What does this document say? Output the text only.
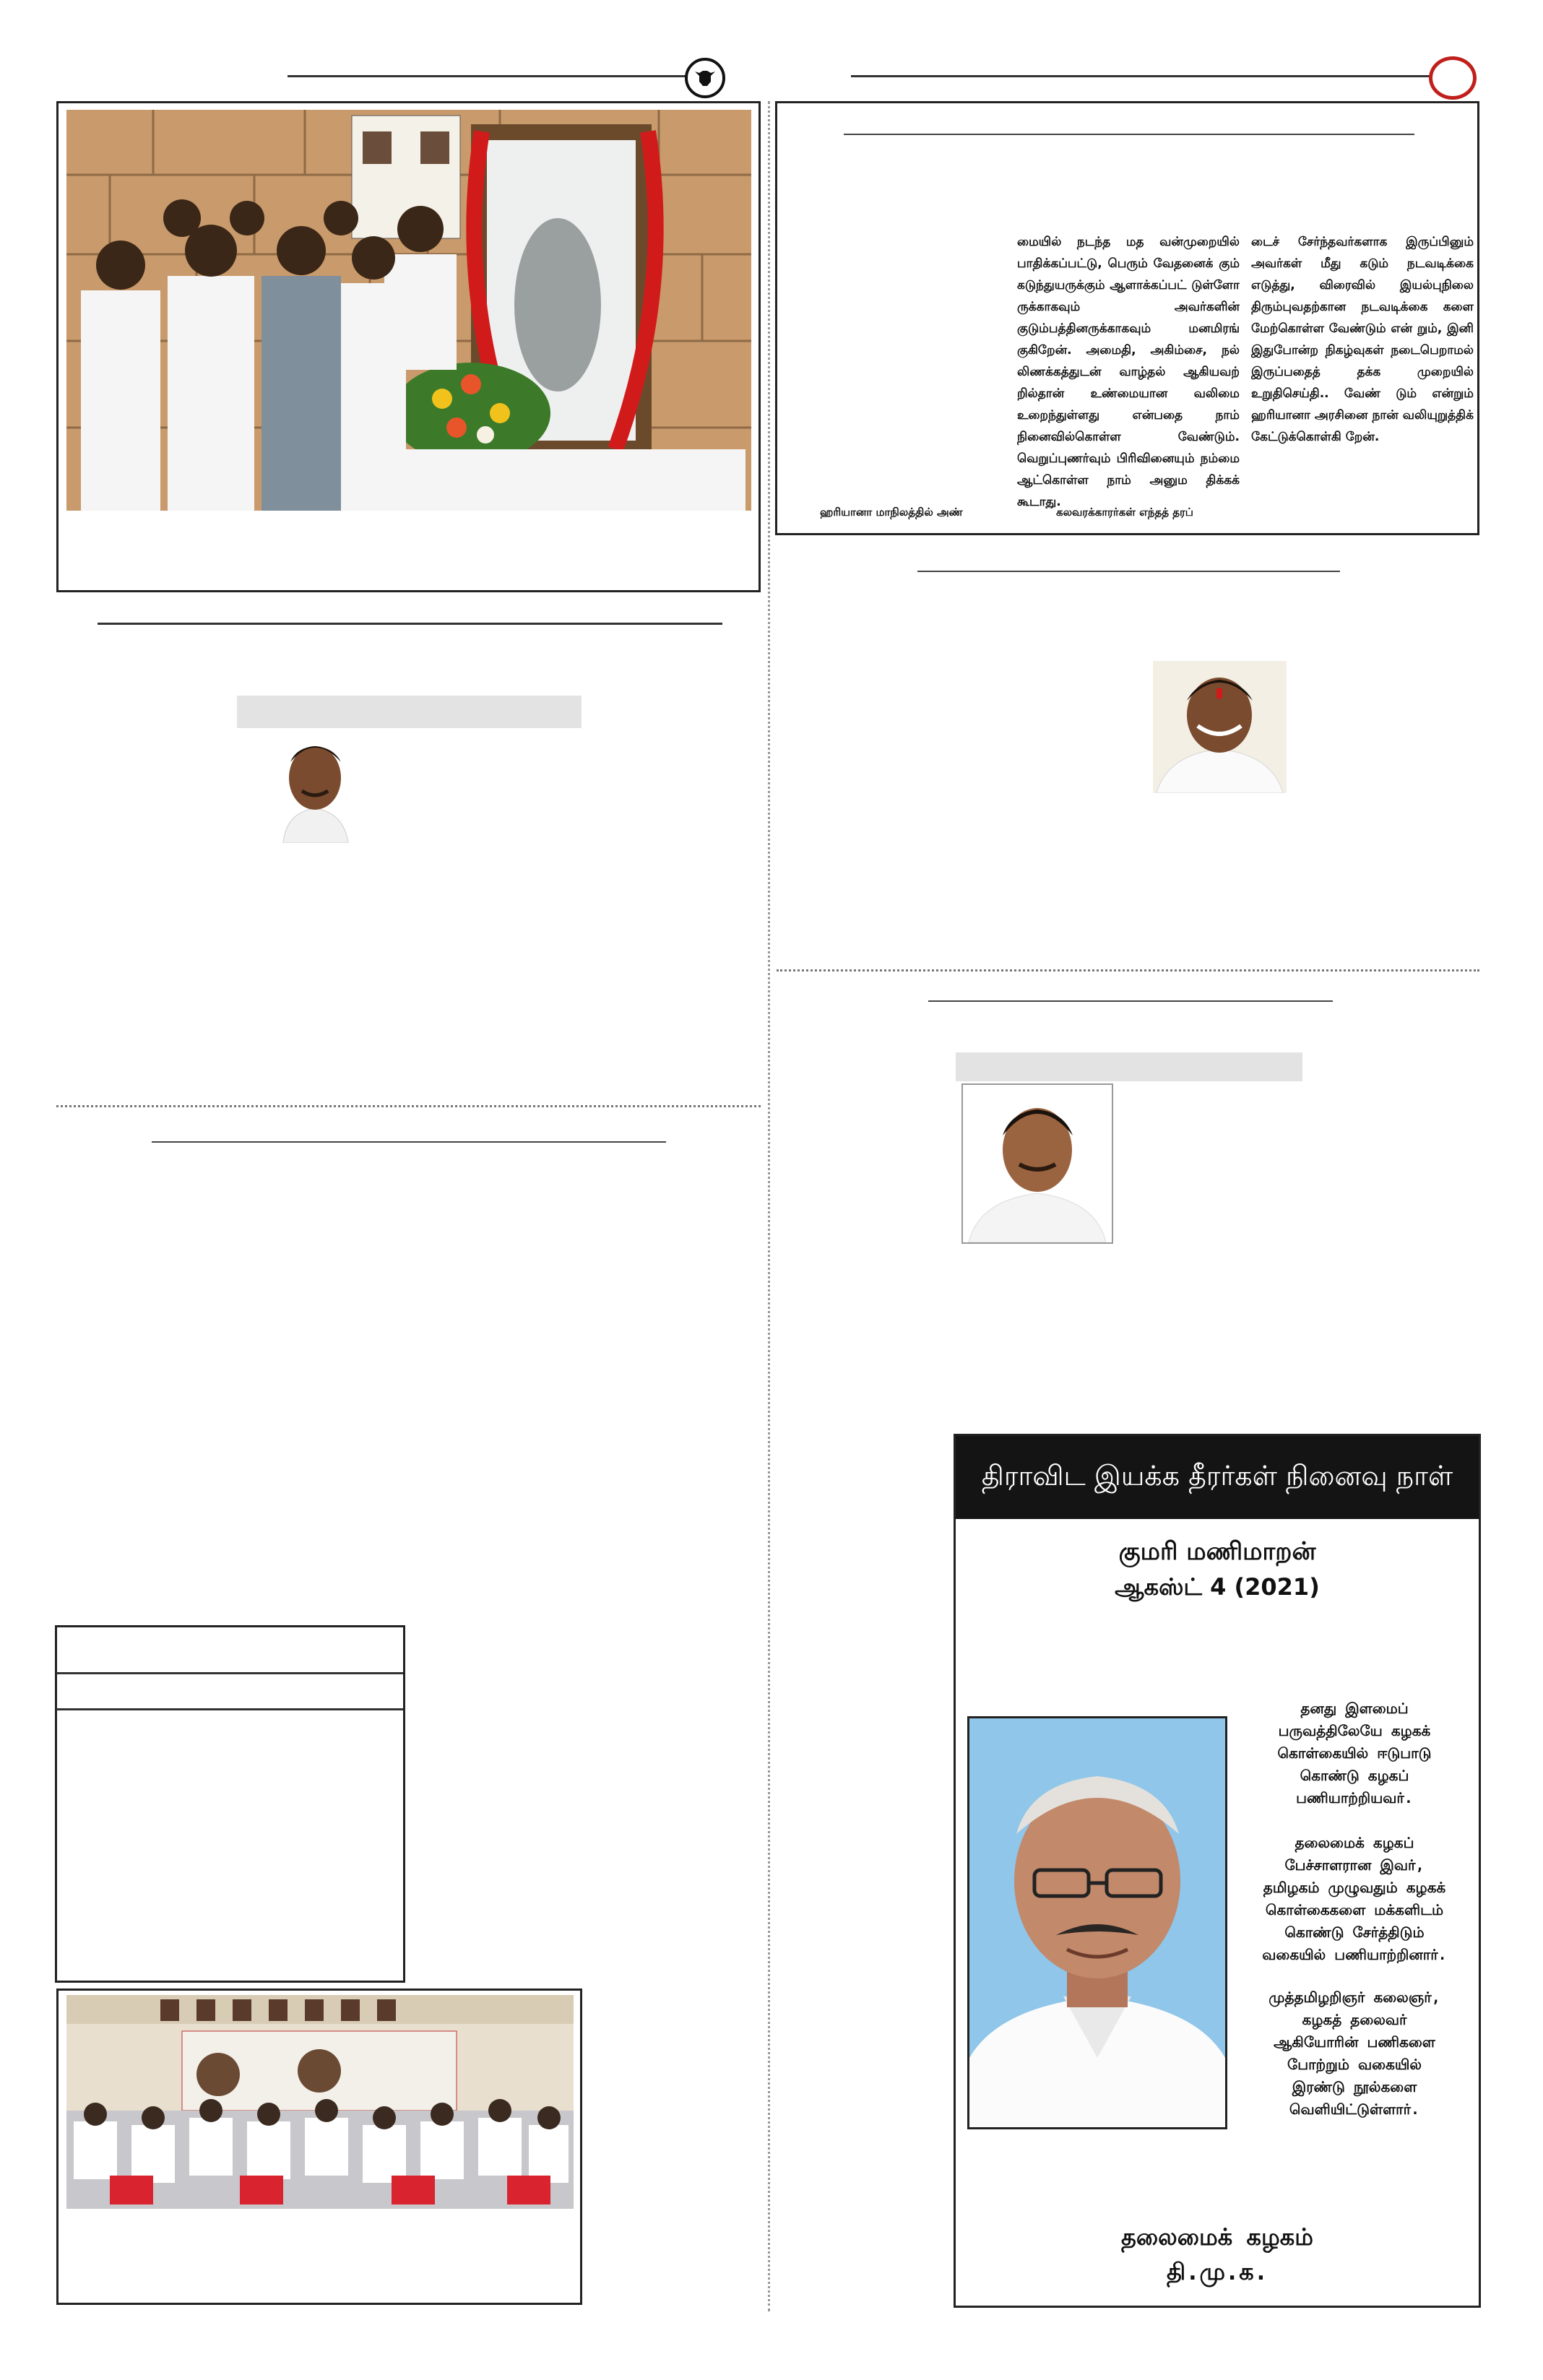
மையில் நடந்த மத வன்முறையில் பாதிக்கப்பட்டு, பெரும் வேதனைக் கும் கடுந்துயருக்கும் ஆளாக்கப்பட் டுள்ளோ ருக்காகவும் அவர்களின் குடும்பத்தினருக்காகவும் மனமிரங் குகிறேன். அமைதி, அகிம்சை, நல் லிணக்கத்துடன் வாழ்தல் ஆகியவற் றில்தான் உண்மையான வலிமை உறைந்துள்ளது என்பதை நாம் நினைவில்கொள்ள வேண்டும். வெறுப்புணர்வும் பிரிவினையும் நம்மை ஆட்கொள்ள நாம் அனும திக்கக் கூடாது.
டைச் சேர்ந்தவர்களாக இருப்பினும் அவர்கள் மீது கடும் நடவடிக்கை எடுத்து, விரைவில் இயல்புநிலை திரும்புவதற்கான நடவடிக்கை களை மேற்கொள்ள வேண்டும் என் றும், இனி இதுபோன்ற நிகழ்வுகள் நடைபெறாமல் இருப்பதைத் தக்க முறையில் உறுதிசெய்தி.. வேண் டும் என்றும் ஹரியானா அரசினை நான் வலியுறுத்திக் கேட்டுக்கொள்கி றேன்.
ஹரியானா மாநிலத்தில் அண்	கலவரக்காரர்கள் எந்தத் தரப்
திராவிட இயக்க தீரர்கள் நினைவு நாள்
குமரி மணிமாறன்
ஆகஸ்ட் 4 (2021)
தனது இளமைப்
பருவத்திலேயே கழகக்
கொள்கையில் ஈடுபாடு
கொண்டு கழகப்
பணியாற்றியவர்.
தலைமைக் கழகப்
பேச்சாளரான இவர்,
தமிழகம் முழுவதும் கழகக்
கொள்கைகளை மக்களிடம்
கொண்டு சேர்த்திடும்
வகையில் பணியாற்றினார்.
முத்தமிழறிஞர் கலைஞர்,
கழகத் தலைவர்
ஆகியோரின் பணிகளை
போற்றும் வகையில்
இரண்டு நூல்களை
வெளியிட்டுள்ளார்.
தலைமைக் கழகம்
தி.மு.க.
